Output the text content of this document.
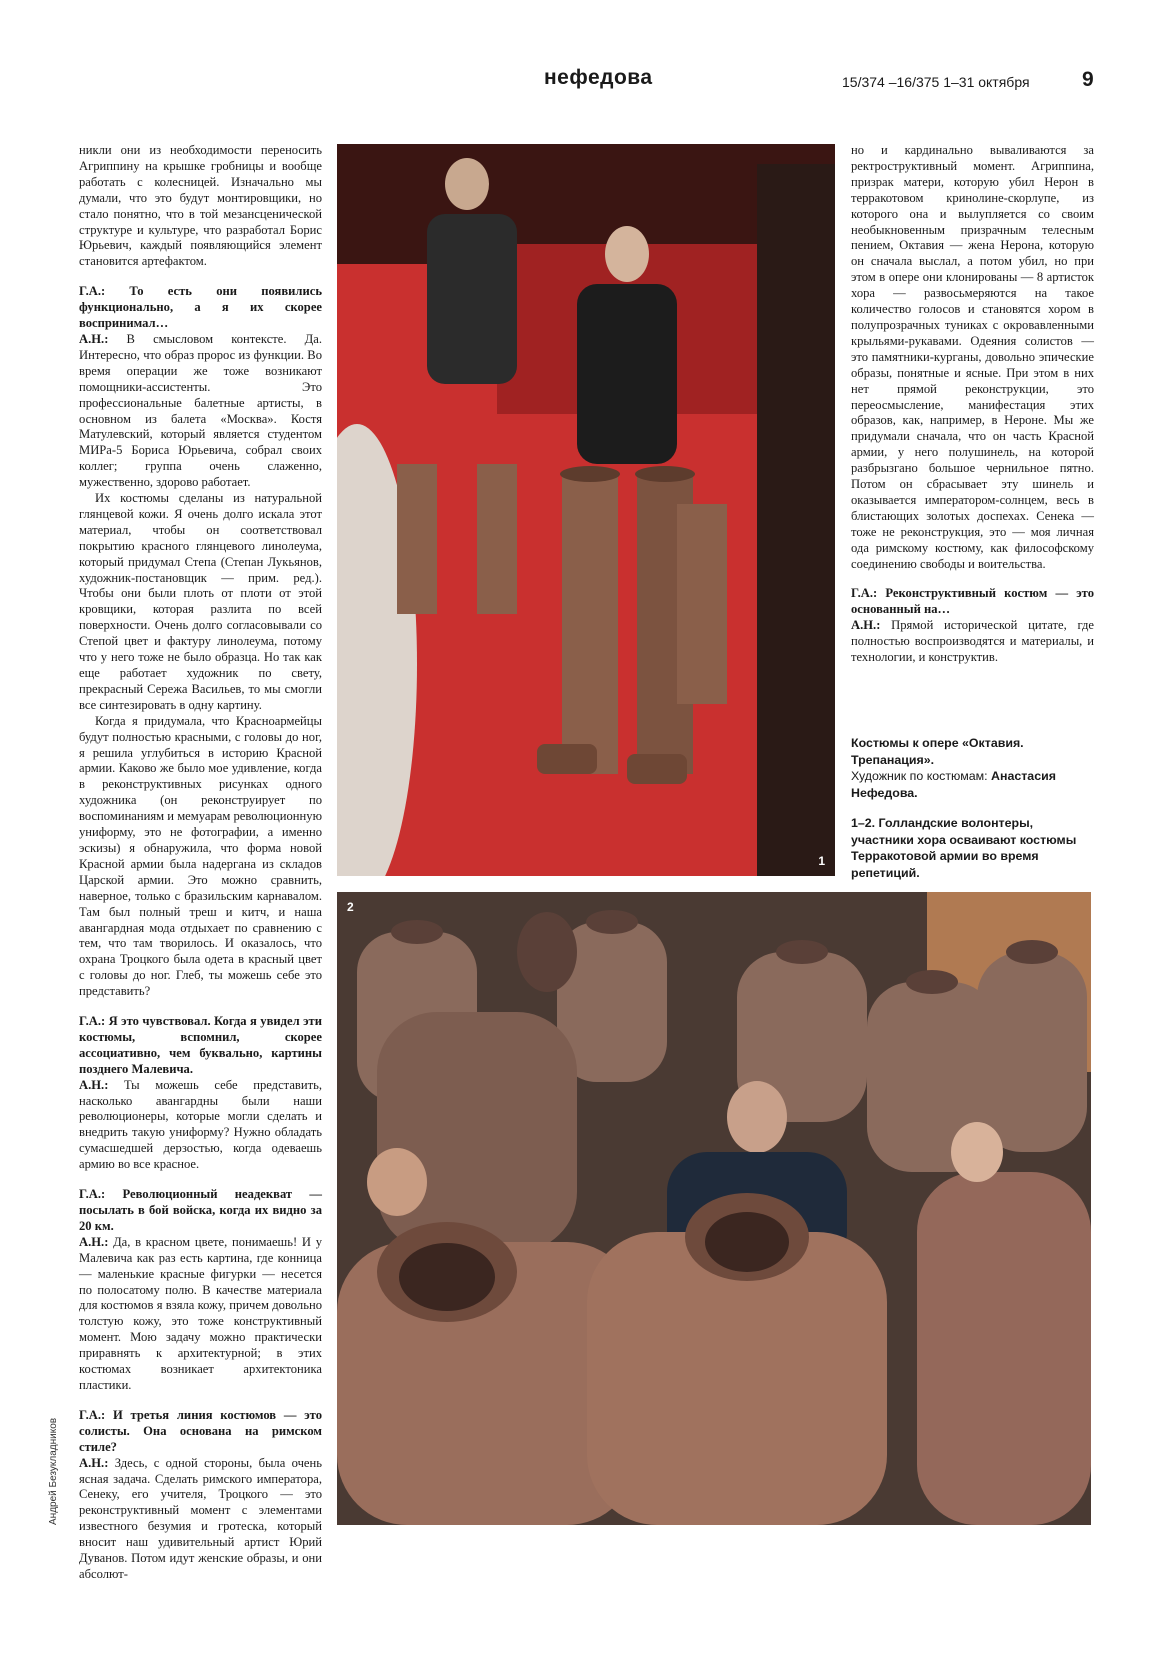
нефедова	15/374 –16/375 1–31 октября 9

никли они из необходимости переносить Агриппину на крышке гробницы и вообще работать с колесницей. Изначально мы думали, что это будут монтировщики, но стало понятно, что в той мезансценической структуре и культуре, что разработал Борис Юрьевич, каждый появляющийся элемент становится артефактом.

Г.А.: То есть они появились функционально, а я их скорее воспринимал…

А.Н.: В смысловом контексте. Да. Интересно, что образ пророс из функции. Во время операции же тоже возникают помощники-ассистенты. Это профессиональные балетные артисты, в основном из балета «Москва». Костя Матулевский, который является студентом МИРа-5 Бориса Юрьевича, собрал своих коллег; группа очень слаженно, мужественно, здорово работает.

Их костюмы сделаны из натуральной глянцевой кожи. Я очень долго искала этот материал, чтобы он соответствовал покрытию красного глянцевого линолеума, который придумал Степа (Степан Лукьянов, художник-постановщик — прим. ред.). Чтобы они были плоть от плоти от этой кровщики, которая разлита по всей поверхности. Очень долго согласовывали со Степой цвет и фактуру линолеума, потому что у него тоже не было образца. Но так как еще работает художник по свету, прекрасный Сережа Васильев, то мы смогли все синтезировать в одну картину.

Когда я придумала, что Красноармейцы будут полностью красными, с головы до ног, я решила углубиться в историю Красной армии. Каково же было мое удивление, когда в реконструктивных рисунках одного художника (он реконструирует по воспоминаниям и мемуарам революционную униформу, это не фотографии, а именно эскизы) я обнаружила, что форма новой Красной армии была надергана из складов Царской армии. Это можно сравнить, наверное, только с бразильским карнавалом. Там был полный треш и китч, и наша авангардная мода отдыхает по сравнению с тем, что там творилось. И оказалось, что охрана Троцкого была одета в красный цвет с головы до ног. Глеб, ты можешь себе это представить?

Г.А.: Я это чувствовал. Когда я увидел эти костюмы, вспомнил, скорее ассоциативно, чем буквально, картины позднего Малевича.

А.Н.: Ты можешь себе представить, насколько авангардны были наши революционеры, которые могли сделать и внедрить такую униформу? Нужно обладать сумасшедшей дерзостью, когда одеваешь армию во все красное.

Г.А.: Революционный неадекват — посылать в бой войска, когда их видно за 20 км.

А.Н.: Да, в красном цвете, понимаешь! И у Малевича как раз есть картина, где конница — маленькие красные фигурки — несется по полосатому полю. В качестве материала для костюмов я взяла кожу, причем довольно толстую кожу, это тоже конструктивный момент. Мою задачу можно практически приравнять к архитектурной; в этих костюмах возникает архитектоника пластики.

Г.А.: И третья линия костюмов — это солисты. Она основана на римском стиле?

А.Н.: Здесь, с одной стороны, была очень ясная задача. Сделать римского императора, Сенеку, его учителя, Троцкого — это реконструктивный момент с элементами известного безумия и гротеска, который вносит наш удивительный артист Юрий Дуванов. Потом идут женские образы, и они абсолют-

но и кардинально вываливаются за ректроструктивный момент. Агриппина, призрак матери, которую убил Нерон в терракотовом кринолине-скорлупе, из которого она и вылупляется со своим необыкновенным призрачным телесным пением, Октавия — жена Нерона, которую он сначала выслал, а потом убил, но при этом в опере они клонированы — 8 артисток хора — развосьмеряются на такое количество голосов и становятся хором в полупрозрачных туниках с окровавленными крыльями-рукавами. Одеяния солистов — это памятники-курганы, довольно эпические образы, понятные и ясные. При этом в них нет прямой реконструкции, это переосмысление, манифестация этих образов, как, например, в Нероне. Мы же придумали сначала, что он часть Красной армии, у него полушинель, на которой разбрызгано большое чернильное пятно. Потом он сбрасывает эту шинель и оказывается императором-солнцем, весь в блистающих золотых доспехах. Сенека — тоже не реконструкция, это — моя личная ода римскому костюму, как философскому соединению свободы и воительства.

Г.А.: Реконструктивный костюм — это основанный на…

А.Н.: Прямой исторической цитате, где полностью воспроизводятся и материалы, и технологии, и конструктив.

Костюмы к опере «Октавия. Трепанация».
Художник по костюмам: Анастасия Нефедова.
1–2. Голландские волонтеры, участники хора осваивают костюмы Терракотовой армии во время репетиций.
1
2
Андрей Безукладников
